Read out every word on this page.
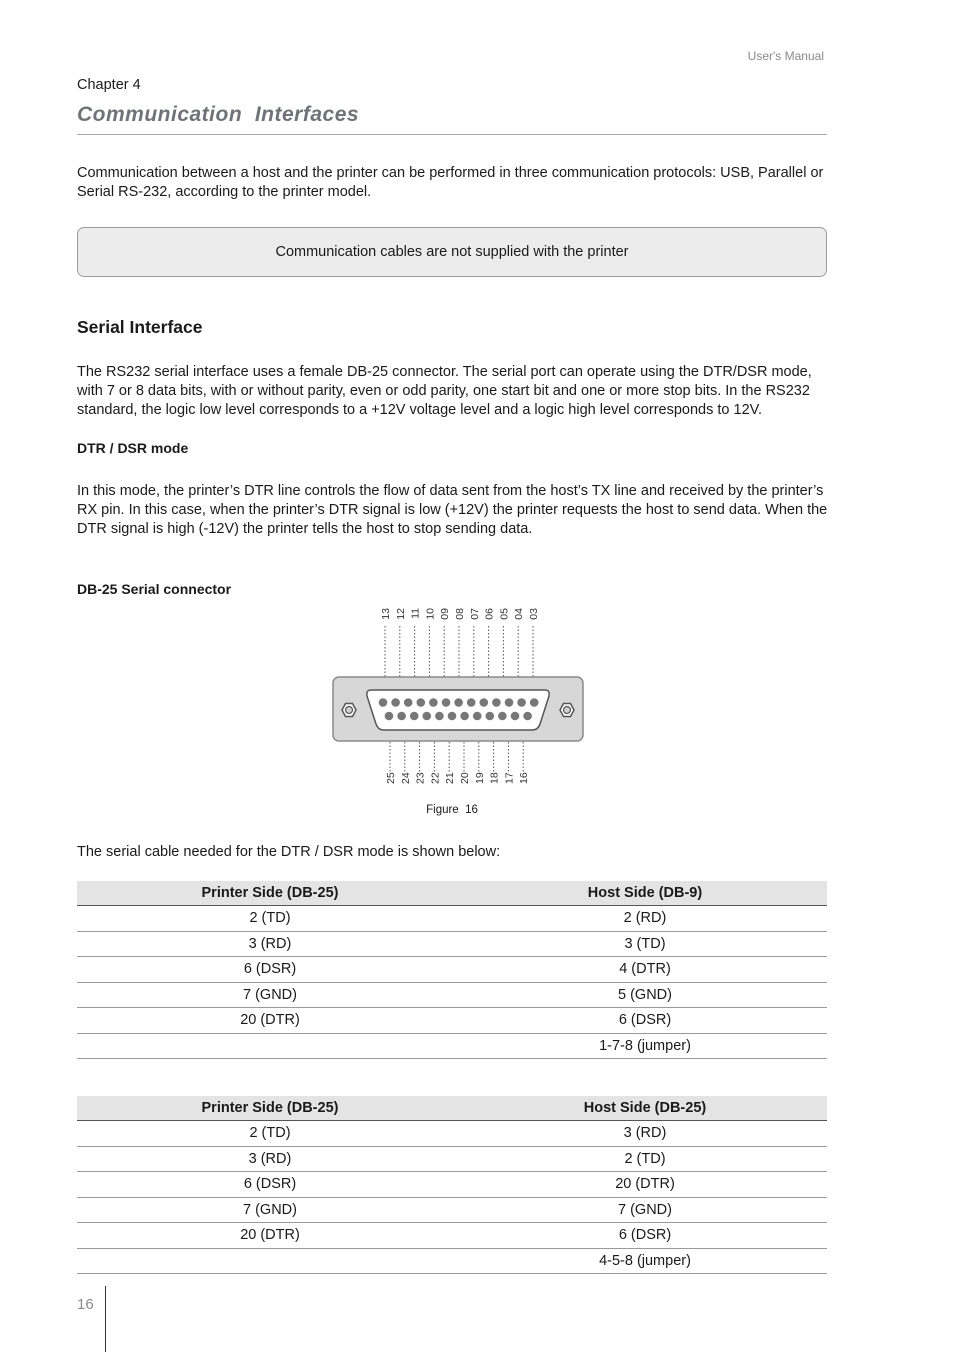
User's Manual
Chapter 4
Communication  Interfaces
Communication between a host and the printer can be performed in three communication protocols: USB, Parallel or Serial RS-232, according to the printer model.
Communication cables are not supplied with the printer
Serial Interface
The RS232 serial interface uses a female DB-25 connector. The serial port can operate using the DTR/DSR mode, with 7 or 8 data bits, with or without parity, even or odd parity, one start bit and one or more stop bits. In the RS232 standard, the logic low level corresponds to a +12V voltage level and a logic high level corresponds to 12V.
DTR / DSR mode
In this mode, the printer’s DTR line controls the flow of data sent from the host’s TX line and received by the printer’s RX pin. In this case, when the printer’s DTR signal is low (+12V) the printer requests the host to send data. When the DTR signal is high (-12V) the printer tells the host to stop sending data.
DB-25 Serial connector
13 12 11 10 09 08 07 06 05 04 03
25 24 23 22 21 20 19 18 17 16
Figure  16
The serial cable needed for the DTR / DSR mode is shown below:
Printer Side (DB-25)	Host Side (DB-9)
2 (TD)	2 (RD)
3 (RD)	3 (TD)
6 (DSR)	4 (DTR)
7 (GND)	5 (GND)
20 (DTR)	6 (DSR)
	1-7-8 (jumper)
Printer Side (DB-25)	Host Side (DB-25)
2 (TD)	3 (RD)
3 (RD)	2 (TD)
6 (DSR)	20 (DTR)
7 (GND)	7 (GND)
20 (DTR)	6 (DSR)
	4-5-8 (jumper)
16
